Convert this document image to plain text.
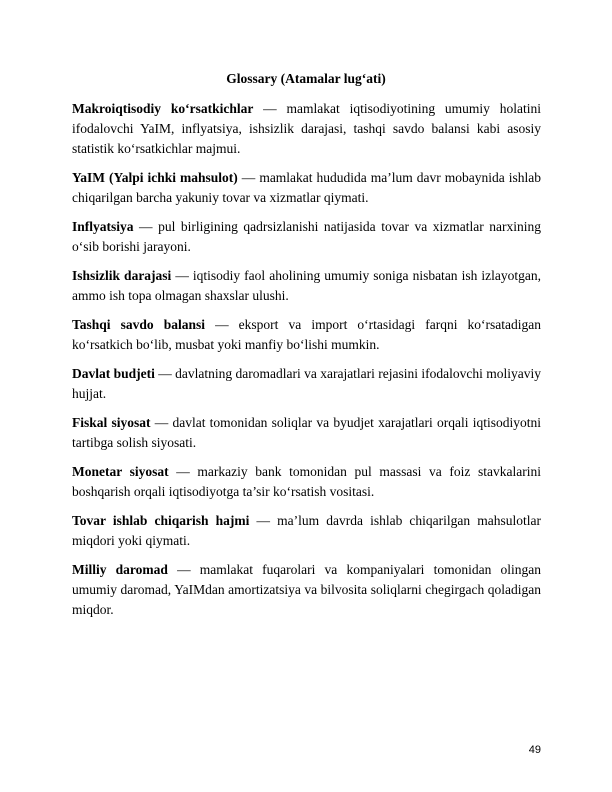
Glossary (Atamalar lug‘ati)

Makroiqtisodiy ko‘rsatkichlar — mamlakat iqtisodiyotining umumiy holatini ifodalovchi YaIM, inflyatsiya, ishsizlik darajasi, tashqi savdo balansi kabi asosiy statistik ko‘rsatkichlar majmui.

YaIM (Yalpi ichki mahsulot) — mamlakat hududida ma’lum davr mobaynida ishlab chiqarilgan barcha yakuniy tovar va xizmatlar qiymati.

Inflyatsiya — pul birligining qadrsizlanishi natijasida tovar va xizmatlar narxining o‘sib borishi jarayoni.

Ishsizlik darajasi — iqtisodiy faol aholining umumiy soniga nisbatan ish izlayotgan, ammo ish topa olmagan shaxslar ulushi.

Tashqi savdo balansi — eksport va import o‘rtasidagi farqni ko‘rsatadigan ko‘rsatkich bo‘lib, musbat yoki manfiy bo‘lishi mumkin.

Davlat budjeti — davlatning daromadlari va xarajatlari rejasini ifodalovchi moliyaviy hujjat.

Fiskal siyosat — davlat tomonidan soliqlar va byudjet xarajatlari orqali iqtisodiyotni tartibga solish siyosati.

Monetar siyosat — markaziy bank tomonidan pul massasi va foiz stavkalarini boshqarish orqali iqtisodiyotga ta’sir ko‘rsatish vositasi.

Tovar ishlab chiqarish hajmi — ma’lum davrda ishlab chiqarilgan mahsulotlar miqdori yoki qiymati.

Milliy daromad — mamlakat fuqarolari va kompaniyalari tomonidan olingan umumiy daromad, YaIMdan amortizatsiya va bilvosita soliqlarni chegirgach qoladigan miqdor.

49
